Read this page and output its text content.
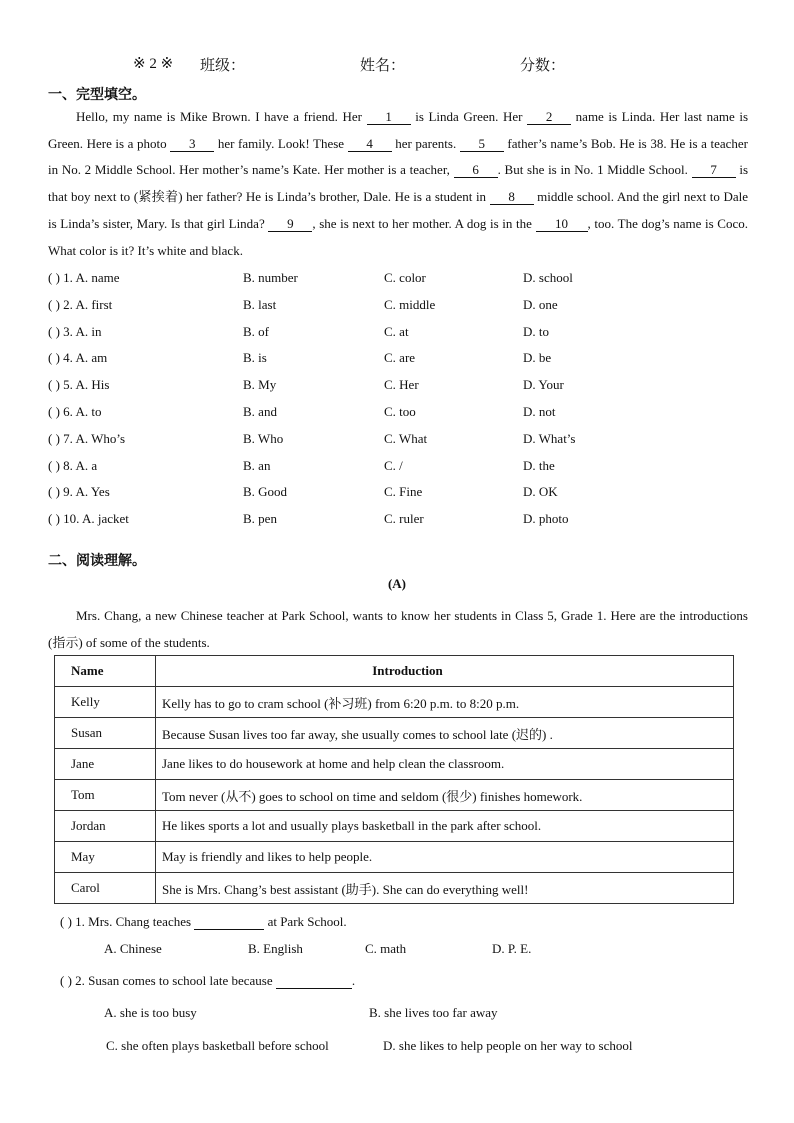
※ 2 ※ 班级：	姓名：	分数：
一、完型填空。
Hello, my name is Mike Brown. I have a friend. Her 1 is Linda Green. Her 2 name is Linda. Her last name is Green. Here is a photo 3 her family. Look! These 4 her parents. 5 father’s name’s Bob. He is 38. He is a teacher in No. 2 Middle School. Her mother’s name’s Kate. Her mother is a teacher, 6 . But she is in No. 1 Middle School. 7 is that boy next to (紧挨着) her father? He is Linda’s brother, Dale. He is a student in 8 middle school. And the girl next to Dale is Linda’s sister, Mary. Is that girl Linda? 9 , she is next to her mother. A dog is in the 10 , too. The dog’s name is Coco. What color is it? It’s white and black.
( ) 1. A. name	B. number	C. color	D. school
( ) 2. A. first	B. last	C. middle	D. one
( ) 3. A. in	B. of	C. at	D. to
( ) 4. A. am	B. is	C. are	D. be
( ) 5. A. His	B. My	C. Her	D. Your
( ) 6. A. to	B. and	C. too	D. not
( ) 7. A. Who’s	B. Who	C. What	D. What’s
( ) 8. A. a	B. an	C. /	D. the
( ) 9. A. Yes	B. Good	C. Fine	D. OK
( ) 10. A. jacket	B. pen	C. ruler	D. photo
二、阅读理解。
(A)
Mrs. Chang, a new Chinese teacher at Park School, wants to know her students in Class 5, Grade 1. Here are the introductions (指示) of some of the students.
Name	Introduction
Kelly	Kelly has to go to cram school (补习班) from 6:20 p.m. to 8:20 p.m.
Susan	Because Susan lives too far away, she usually comes to school late (迟的) .
Jane	Jane likes to do housework at home and help clean the classroom.
Tom	Tom never (从不) goes to school on time and seldom (很少) finishes homework.
Jordan	He likes sports a lot and usually plays basketball in the park after school.
May	May is friendly and likes to help people.
Carol	She is Mrs. Chang’s best assistant (助手). She can do everything well!
( ) 1. Mrs. Chang teaches	at Park School.
A. Chinese	B. English	C. math	D. P. E.
( ) 2. Susan comes to school late because	.
A. she is too busy	B. she lives too far away
C. she often plays basketball before school	D. she likes to help people on her way to school
